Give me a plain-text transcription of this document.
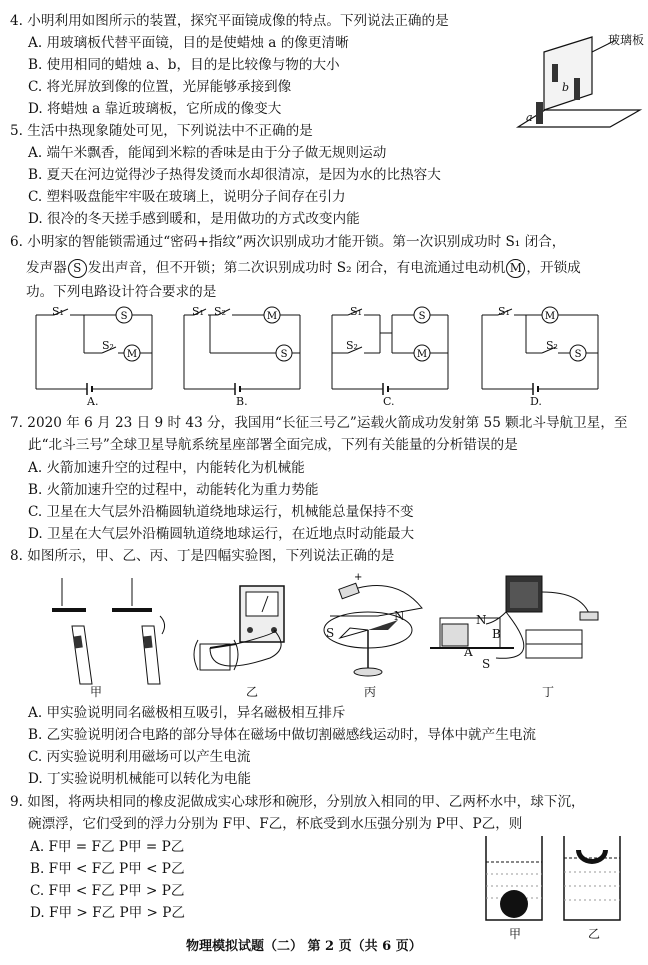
4. 小明利用如图所示的装置，探究平面镜成像的特点。下列说法正确的是
A. 用玻璃板代替平面镜，目的是使蜡烛 a 的像更清晰
B. 使用相同的蜡烛 a、b，目的是比较像与物的大小
C. 将光屏放到像的位置，光屏能够承接到像
D. 将蜡烛 a 靠近玻璃板，它所成的像变大
玻璃板
a
b
5. 生活中热现象随处可见，下列说法中不正确的是
A. 端午米飘香，能闻到米粽的香味是由于分子做无规则运动
B. 夏天在河边觉得沙子热得发烫而水却很清凉，是因为水的比热容大
C. 塑料吸盘能牢牢吸在玻璃上，说明分子间存在引力
D. 很冷的冬天搓手感到暖和，是用做功的方式改变内能
6. 小明家的智能锁需通过“密码+指纹”两次识别成功才能开锁。第一次识别成功时 S₁ 闭合，
发声器 S 发出声音，但不开锁；第二次识别成功时 S₂ 闭合，有电流通过电动机 M ，开锁成
功。下列电路设计符合要求的是
S
M
S₁
S₂
A.
M
S
S₁ S₂
B.
S
M
S₁
S₂
C.
M
S
S₁
S₂
D.
7. 2020 年 6 月 23 日 9 时 43 分，我国用“长征三号乙”运载火箭成功发射第 55 颗北斗导航卫星，至
此“北斗三号”全球卫星导航系统星座部署全面完成，下列有关能量的分析错误的是
A. 火箭加速升空的过程中，内能转化为机械能
B. 火箭加速升空的过程中，动能转化为重力势能
C. 卫星在大气层外沿椭圆轨道绕地球运行，机械能总量保持不变
D. 卫星在大气层外沿椭圆轨道绕地球运行，在近地点时动能最大
8. 如图所示，甲、乙、丙、丁是四幅实验图，下列说法正确的是
+
N
B
A
S
S
N
甲	乙	丙	丁
A. 甲实验说明同名磁极相互吸引，异名磁极相互排斥
B. 乙实验说明闭合电路的部分导体在磁场中做切割磁感线运动时，导体中就产生电流
C. 丙实验说明利用磁场可以产生电流
D. 丁实验说明机械能可以转化为电能
9. 如图，将两块相同的橡皮泥做成实心球形和碗形，分别放入相同的甲、乙两杯水中，球下沉，
碗漂浮，它们受到的浮力分别为 F甲、F乙，杯底受到水压强分别为 P甲、P乙，则
A. F甲 = F乙 P甲 = P乙
B. F甲 < F乙 P甲 < P乙
C. F甲 < F乙 P甲 > P乙
D. F甲 > F乙 P甲 > P乙
甲	乙
物理模拟试题（二） 第 2 页（共 6 页）
